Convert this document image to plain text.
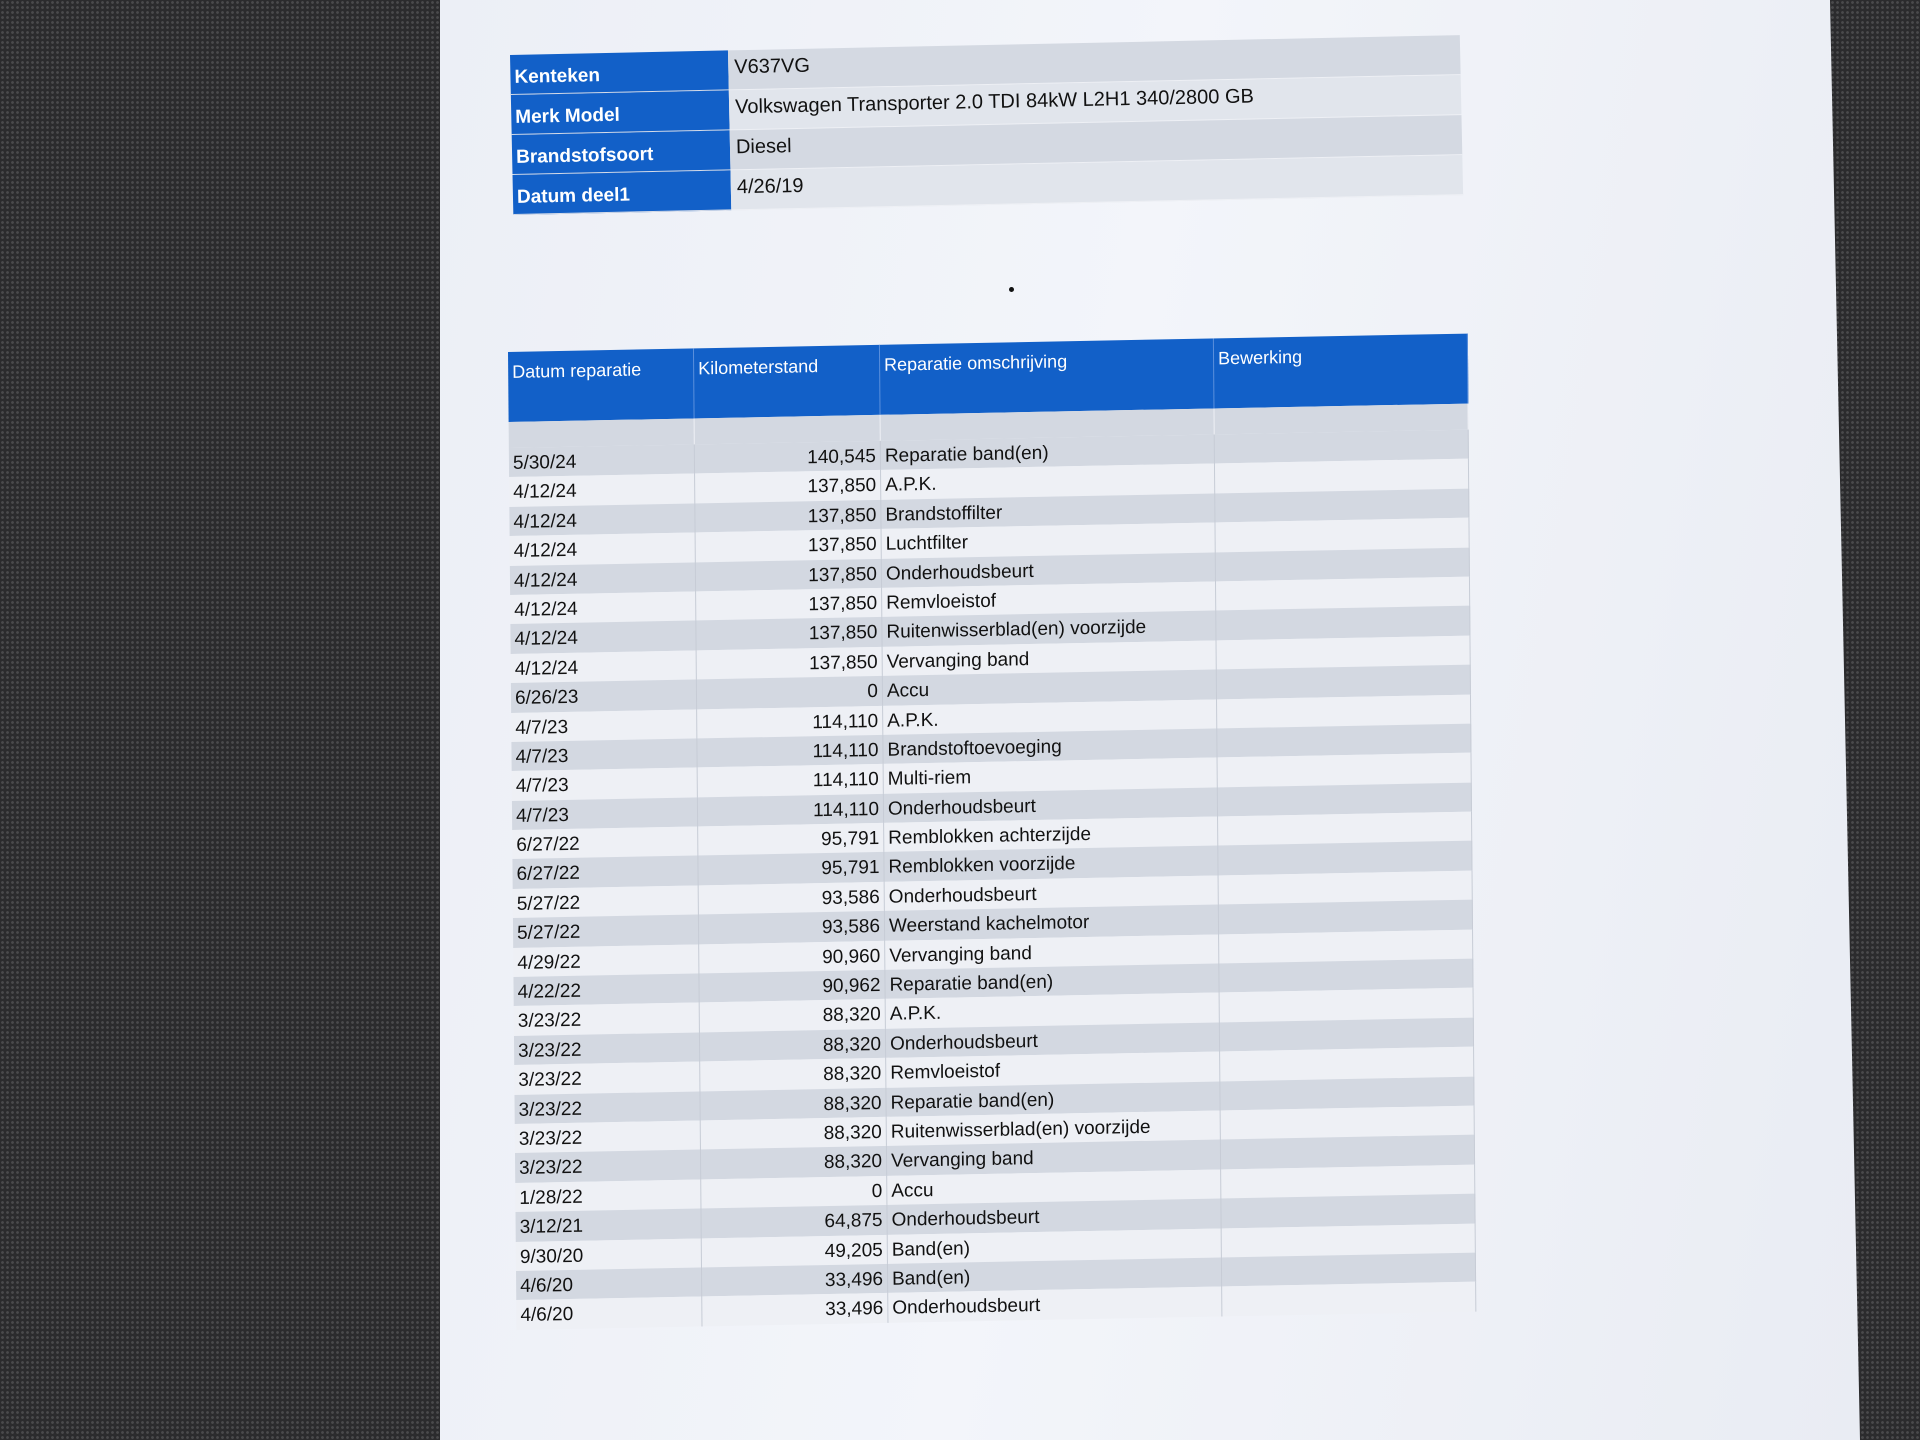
Kenteken	V637VG
Merk Model	Volkswagen Transporter 2.0 TDI 84kW L2H1 340/2800 GB
Brandstofsoort	Diesel
Datum deel1	4/26/19
Datum reparatie	Kilometerstand	Reparatie omschrijving	Bewerking
5/30/24	140,545 Reparatie band(en)
4/12/24	137,850 A.P.K.
4/12/24	137,850 Brandstoffilter
4/12/24	137,850 Luchtfilter
4/12/24	137,850 Onderhoudsbeurt
4/12/24	137,850 Remvloeistof
4/12/24	137,850 Ruitenwisserblad(en) voorzijde
4/12/24	137,850 Vervanging band
6/26/23	0 Accu
4/7/23	114,110 A.P.K.
4/7/23	114,110 Brandstoftoevoeging
4/7/23	114,110 Multi-riem
4/7/23	114,110 Onderhoudsbeurt
6/27/22	95,791 Remblokken achterzijde
6/27/22	95,791 Remblokken voorzijde
5/27/22	93,586 Onderhoudsbeurt
5/27/22	93,586 Weerstand kachelmotor
4/29/22	90,960 Vervanging band
4/22/22	90,962 Reparatie band(en)
3/23/22	88,320 A.P.K.
3/23/22	88,320 Onderhoudsbeurt
3/23/22	88,320 Remvloeistof
3/23/22	88,320 Reparatie band(en)
3/23/22	88,320 Ruitenwisserblad(en) voorzijde
3/23/22	88,320 Vervanging band
1/28/22	0 Accu
3/12/21	64,875 Onderhoudsbeurt
9/30/20	49,205 Band(en)
4/6/20	33,496 Band(en)
4/6/20	33,496 Onderhoudsbeurt
